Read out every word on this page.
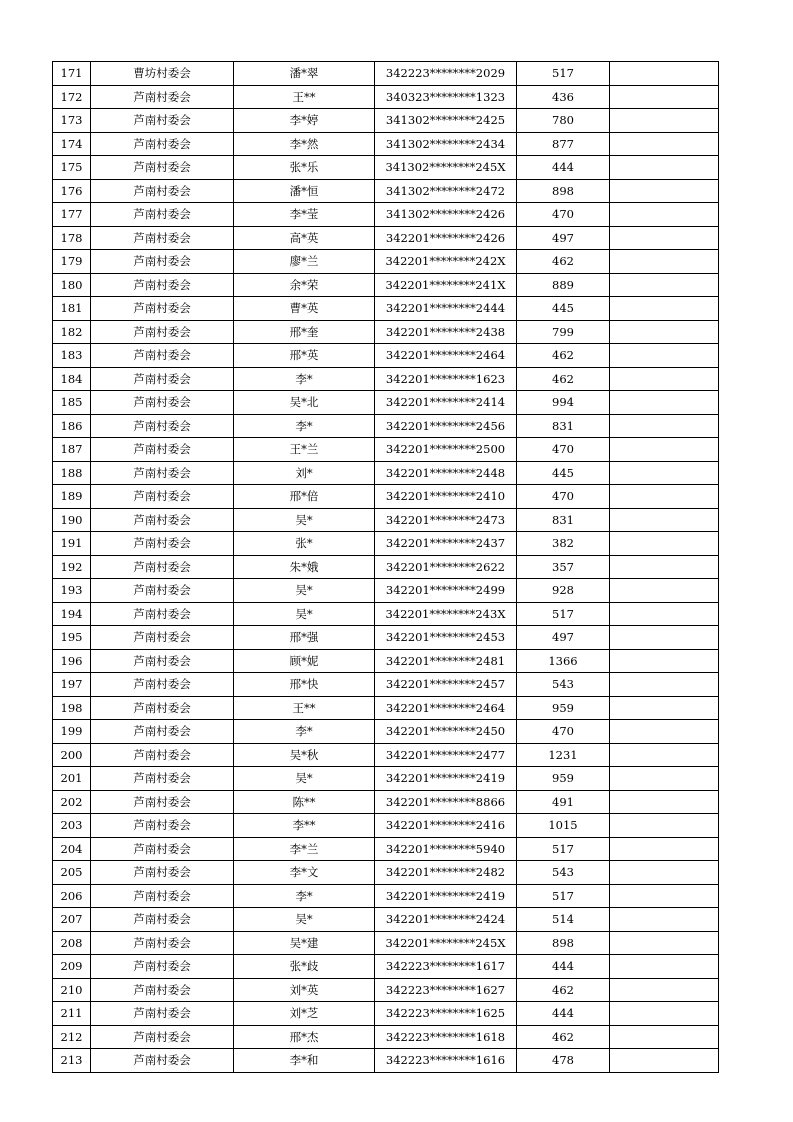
171	曹坊村委会	潘*翠	342223********2029	517	
172	芦南村委会	王**	340323********1323	436	
173	芦南村委会	李*婷	341302********2425	780	
174	芦南村委会	李*然	341302********2434	877	
175	芦南村委会	张*乐	341302********245X	444	
176	芦南村委会	潘*恒	341302********2472	898	
177	芦南村委会	李*莹	341302********2426	470	
178	芦南村委会	高*英	342201********2426	497	
179	芦南村委会	廖*兰	342201********242X	462	
180	芦南村委会	余*荣	342201********241X	889	
181	芦南村委会	曹*英	342201********2444	445	
182	芦南村委会	邢*奎	342201********2438	799	
183	芦南村委会	邢*英	342201********2464	462	
184	芦南村委会	李*	342201********1623	462	
185	芦南村委会	吴*北	342201********2414	994	
186	芦南村委会	李*	342201********2456	831	
187	芦南村委会	王*兰	342201********2500	470	
188	芦南村委会	刘*	342201********2448	445	
189	芦南村委会	邢*倍	342201********2410	470	
190	芦南村委会	吴*	342201********2473	831	
191	芦南村委会	张*	342201********2437	382	
192	芦南村委会	朱*娥	342201********2622	357	
193	芦南村委会	吴*	342201********2499	928	
194	芦南村委会	吴*	342201********243X	517	
195	芦南村委会	邢*强	342201********2453	497	
196	芦南村委会	顾*妮	342201********2481	1366	
197	芦南村委会	邢*快	342201********2457	543	
198	芦南村委会	王**	342201********2464	959	
199	芦南村委会	李*	342201********2450	470	
200	芦南村委会	吴*秋	342201********2477	1231	
201	芦南村委会	吴*	342201********2419	959	
202	芦南村委会	陈**	342201********8866	491	
203	芦南村委会	李**	342201********2416	1015	
204	芦南村委会	李*兰	342201********5940	517	
205	芦南村委会	李*文	342201********2482	543	
206	芦南村委会	李*	342201********2419	517	
207	芦南村委会	吴*	342201********2424	514	
208	芦南村委会	吴*建	342201********245X	898	
209	芦南村委会	张*歧	342223********1617	444	
210	芦南村委会	刘*英	342223********1627	462	
211	芦南村委会	刘*芝	342223********1625	444	
212	芦南村委会	邢*杰	342223********1618	462	
213	芦南村委会	李*和	342223********1616	478	
